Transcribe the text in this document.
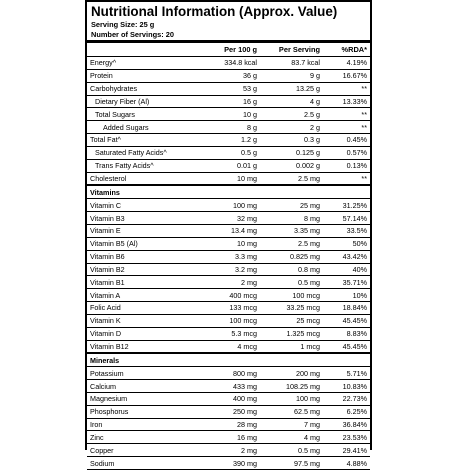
Nutritional Information (Approx. Value)
Serving Size: 25 g
Number of Servings: 20
	Per 100 g	Per Serving	%RDA*
Energy^	334.8 kcal	83.7 kcal	4.19%
Protein	36 g	9 g	16.67%
Carbohydrates	53 g	13.25 g	**
Dietary Fiber (Al)	16 g	4 g	13.33%
Total Sugars	10 g	2.5 g	**
Added Sugars	8 g	2 g	**
Total Fat^	1.2 g	0.3 g	0.45%
Saturated Fatty Acids^	0.5 g	0.125 g	0.57%
Trans Fatty Acids^	0.01 g	0.002 g	0.13%
Cholesterol	10 mg	2.5 mg	**
Vitamins			
Vitamin C	100 mg	25 mg	31.25%
Vitamin B3	32 mg	8 mg	57.14%
Vitamin E	13.4 mg	3.35 mg	33.5%
Vitamin B5 (Al)	10 mg	2.5 mg	50%
Vitamin B6	3.3 mg	0.825 mg	43.42%
Vitamin B2	3.2 mg	0.8 mg	40%
Vitamin B1	2 mg	0.5 mg	35.71%
Vitamin A	400 mcg	100 mcg	10%
Folic Acid	133 mcg	33.25 mcg	18.84%
Vitamin K	100 mcg	25 mcg	45.45%
Vitamin D	5.3 mcg	1.325 mcg	8.83%
Vitamin B12	4 mcg	1 mcg	45.45%
Minerals			
Potassium	800 mg	200 mg	5.71%
Calcium	433 mg	108.25 mg	10.83%
Magnesium	400 mg	100 mg	22.73%
Phosphorus	250 mg	62.5 mg	6.25%
Iron	28 mg	7 mg	36.84%
Zinc	16 mg	4 mg	23.53%
Copper	2 mg	0.5 mg	29.41%
Sodium	390 mg	97.5 mg	4.88%
